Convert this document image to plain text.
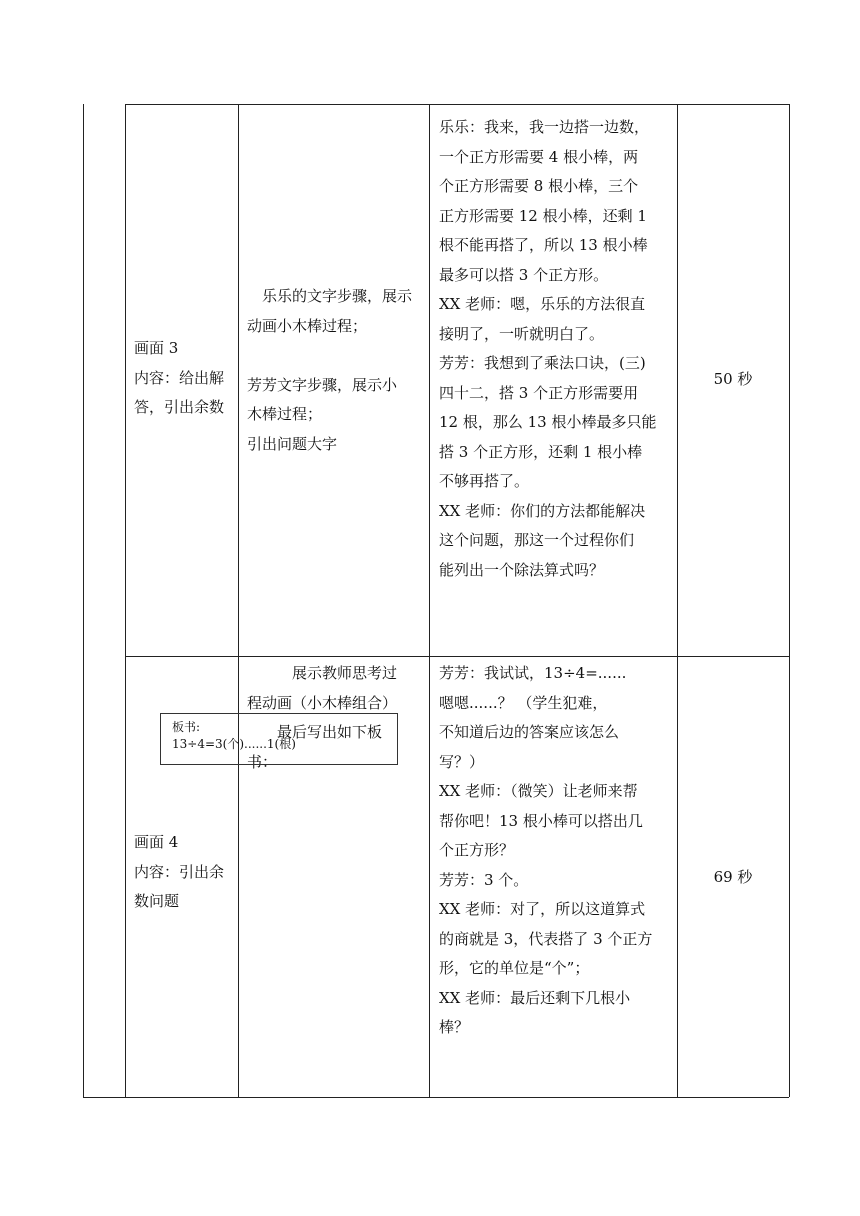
画面 3

内容：给出解

答，引出余数

乐乐的文字步骤，展示

动画小木棒过程；

芳芳文字步骤，展示小

木棒过程；

引出问题大字

乐乐：我来，我一边搭一边数，

一个正方形需要 4 根小棒，两

个正方形需要 8 根小棒，三个

正方形需要 12 根小棒，还剩 1

根不能再搭了，所以 13 根小棒

最多可以搭 3 个正方形。

XX 老师：嗯，乐乐的方法很直

接明了，一听就明白了。

芳芳：我想到了乘法口诀，(三)

四十二，搭 3 个正方形需要用

12 根，那么 13 根小棒最多只能

搭 3 个正方形，还剩 1 根小棒

不够再搭了。

XX 老师：你们的方法都能解决

这个问题，那这一个过程你们

能列出一个除法算式吗？

50 秒

画面 4

内容：引出余

数问题

展示教师思考过

程动画（小木棒组合）

最后写出如下板

书：

芳芳：我试试，13÷4=......

嗯嗯......？ （学生犯难，

不知道后边的答案应该怎么

写？）

XX 老师：（微笑）让老师来帮

帮你吧！13 根小棒可以搭出几

个正方形？

芳芳：3 个。

XX 老师：对了，所以这道算式

的商就是 3，代表搭了 3 个正方

形，它的单位是“个”；

XX 老师：最后还剩下几根小

棒？

69 秒
板书:
13÷4=3(个)......1(根)
